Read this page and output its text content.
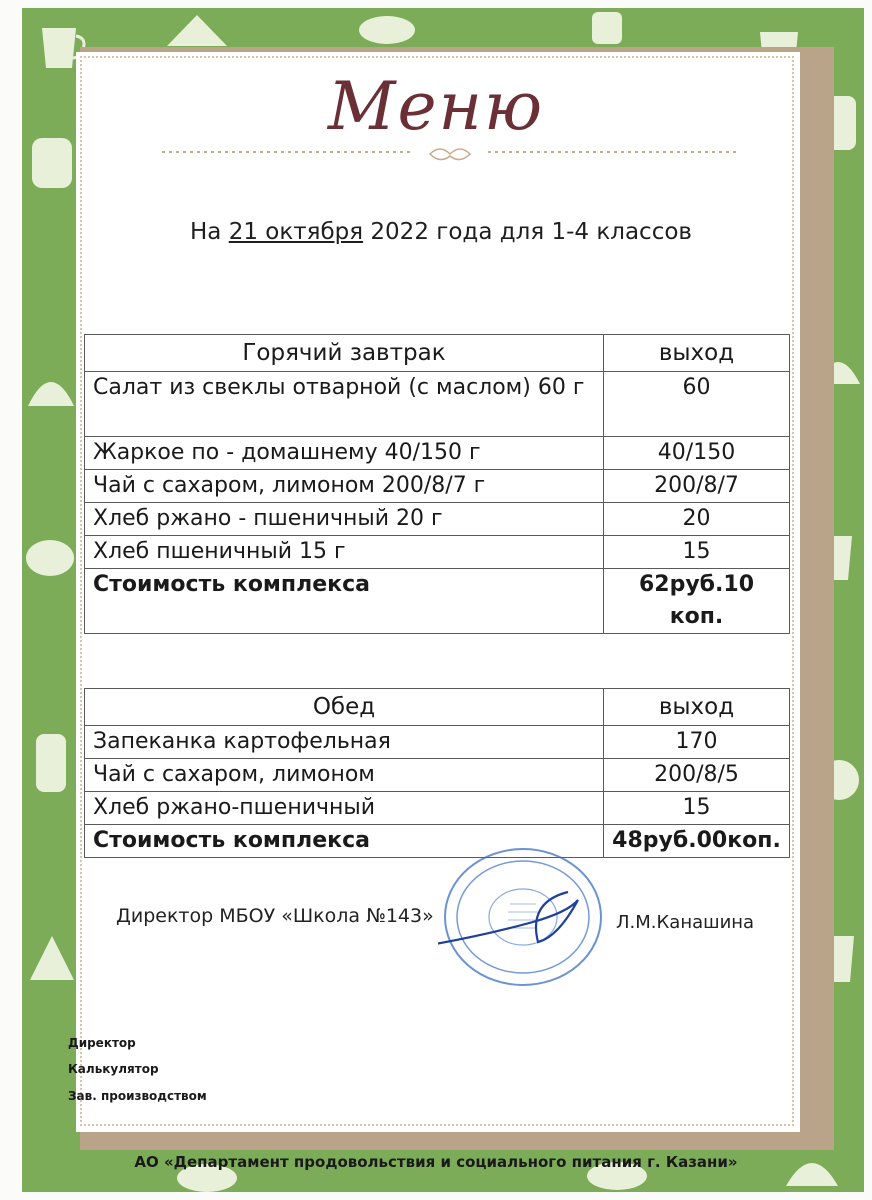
Меню
На 21 октября 2022 года для 1-4 классов
Горячий завтрак	выход
Салат из свеклы отварной (с маслом) 60 г	60
Жаркое по - домашнему 40/150 г	40/150
Чай с сахаром, лимоном 200/8/7 г	200/8/7
Хлеб ржано - пшеничный 20 г	20
Хлеб пшеничный 15 г	15
Стоимость комплекса	62руб.10 коп.
Обед	выход
Запеканка картофельная	170
Чай с сахаром, лимоном	200/8/5
Хлеб ржано-пшеничный	15
Стоимость комплекса	48руб.00коп.
Директор МБОУ «Школа №143»	Л.М.Канашина
Директор
Калькулятор
Зав. производством
АО «Департамент продовольствия и социального питания г. Казани»
